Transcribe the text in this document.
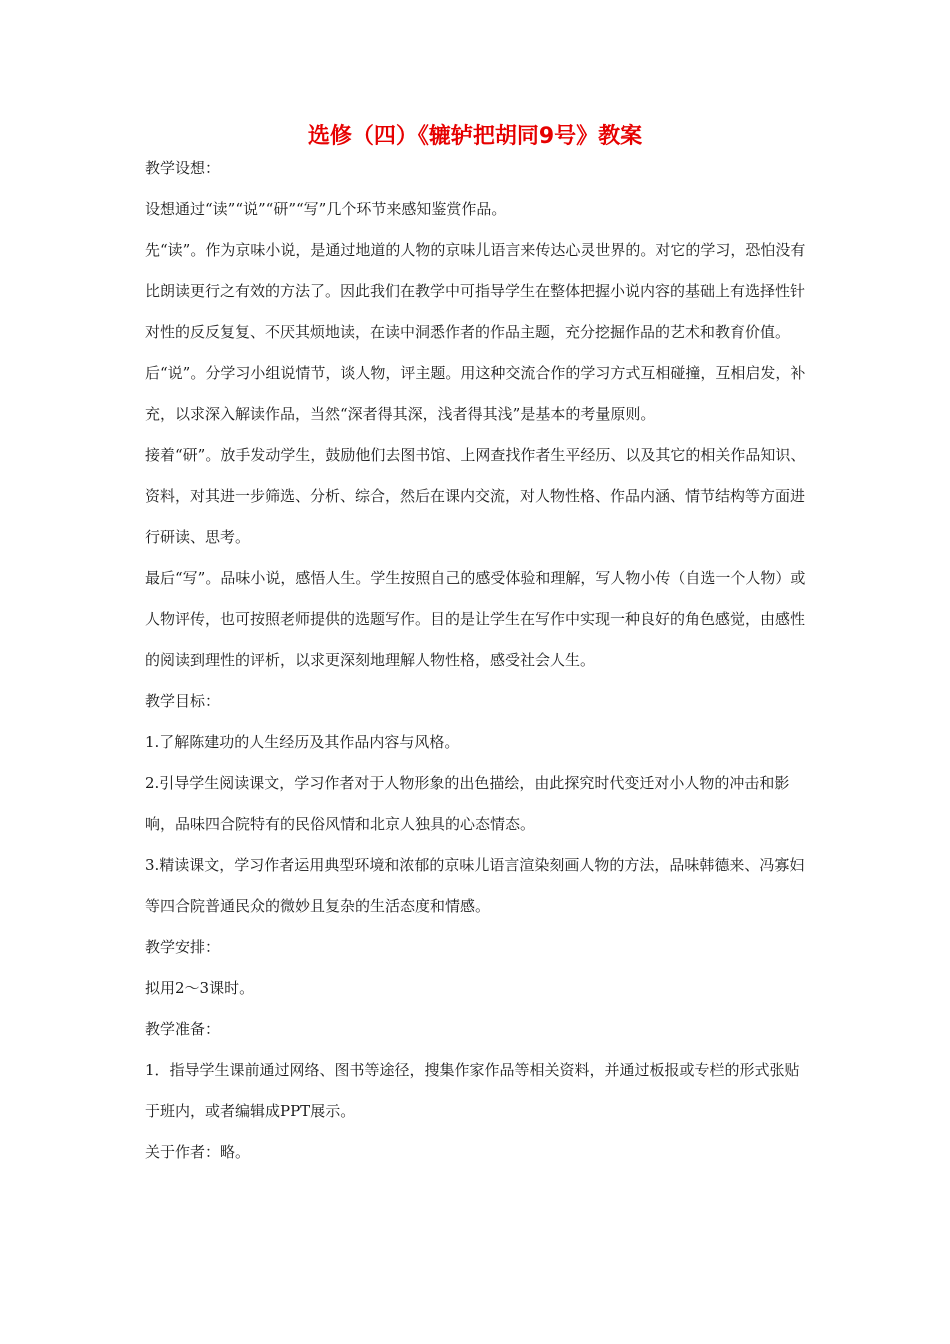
选修（四）《辘轳把胡同9号》教案

教学设想：

设想通过“读”“说”“研”“写”几个环节来感知鉴赏作品。

先“读”。作为京味小说，是通过地道的人物的京味儿语言来传达心灵世界的。对它的学习，恐怕没有比朗读更行之有效的方法了。因此我们在教学中可指导学生在整体把握小说内容的基础上有选择性针对性的反反复复、不厌其烦地读，在读中洞悉作者的作品主题，充分挖掘作品的艺术和教育价值。

后“说”。分学习小组说情节，谈人物，评主题。用这种交流合作的学习方式互相碰撞，互相启发，补充，以求深入解读作品，当然“深者得其深，浅者得其浅”是基本的考量原则。

接着“研”。放手发动学生，鼓励他们去图书馆、上网查找作者生平经历、以及其它的相关作品知识、资料，对其进一步筛选、分析、综合，然后在课内交流，对人物性格、作品内涵、情节结构等方面进行研读、思考。

最后“写”。品味小说，感悟人生。学生按照自己的感受体验和理解，写人物小传（自选一个人物）或人物评传，也可按照老师提供的选题写作。目的是让学生在写作中实现一种良好的角色感觉，由感性的阅读到理性的评析，以求更深刻地理解人物性格，感受社会人生。

教学目标：

1.了解陈建功的人生经历及其作品内容与风格。

2.引导学生阅读课文，学习作者对于人物形象的出色描绘，由此探究时代变迁对小人物的冲击和影响，品味四合院特有的民俗风情和北京人独具的心态情态。

3.精读课文，学习作者运用典型环境和浓郁的京味儿语言渲染刻画人物的方法，品味韩德来、冯寡妇等四合院普通民众的微妙且复杂的生活态度和情感。

教学安排：

拟用2～3课时。

教学准备：

1．指导学生课前通过网络、图书等途径，搜集作家作品等相关资料，并通过板报或专栏的形式张贴于班内，或者编辑成PPT展示。

关于作者：略。
